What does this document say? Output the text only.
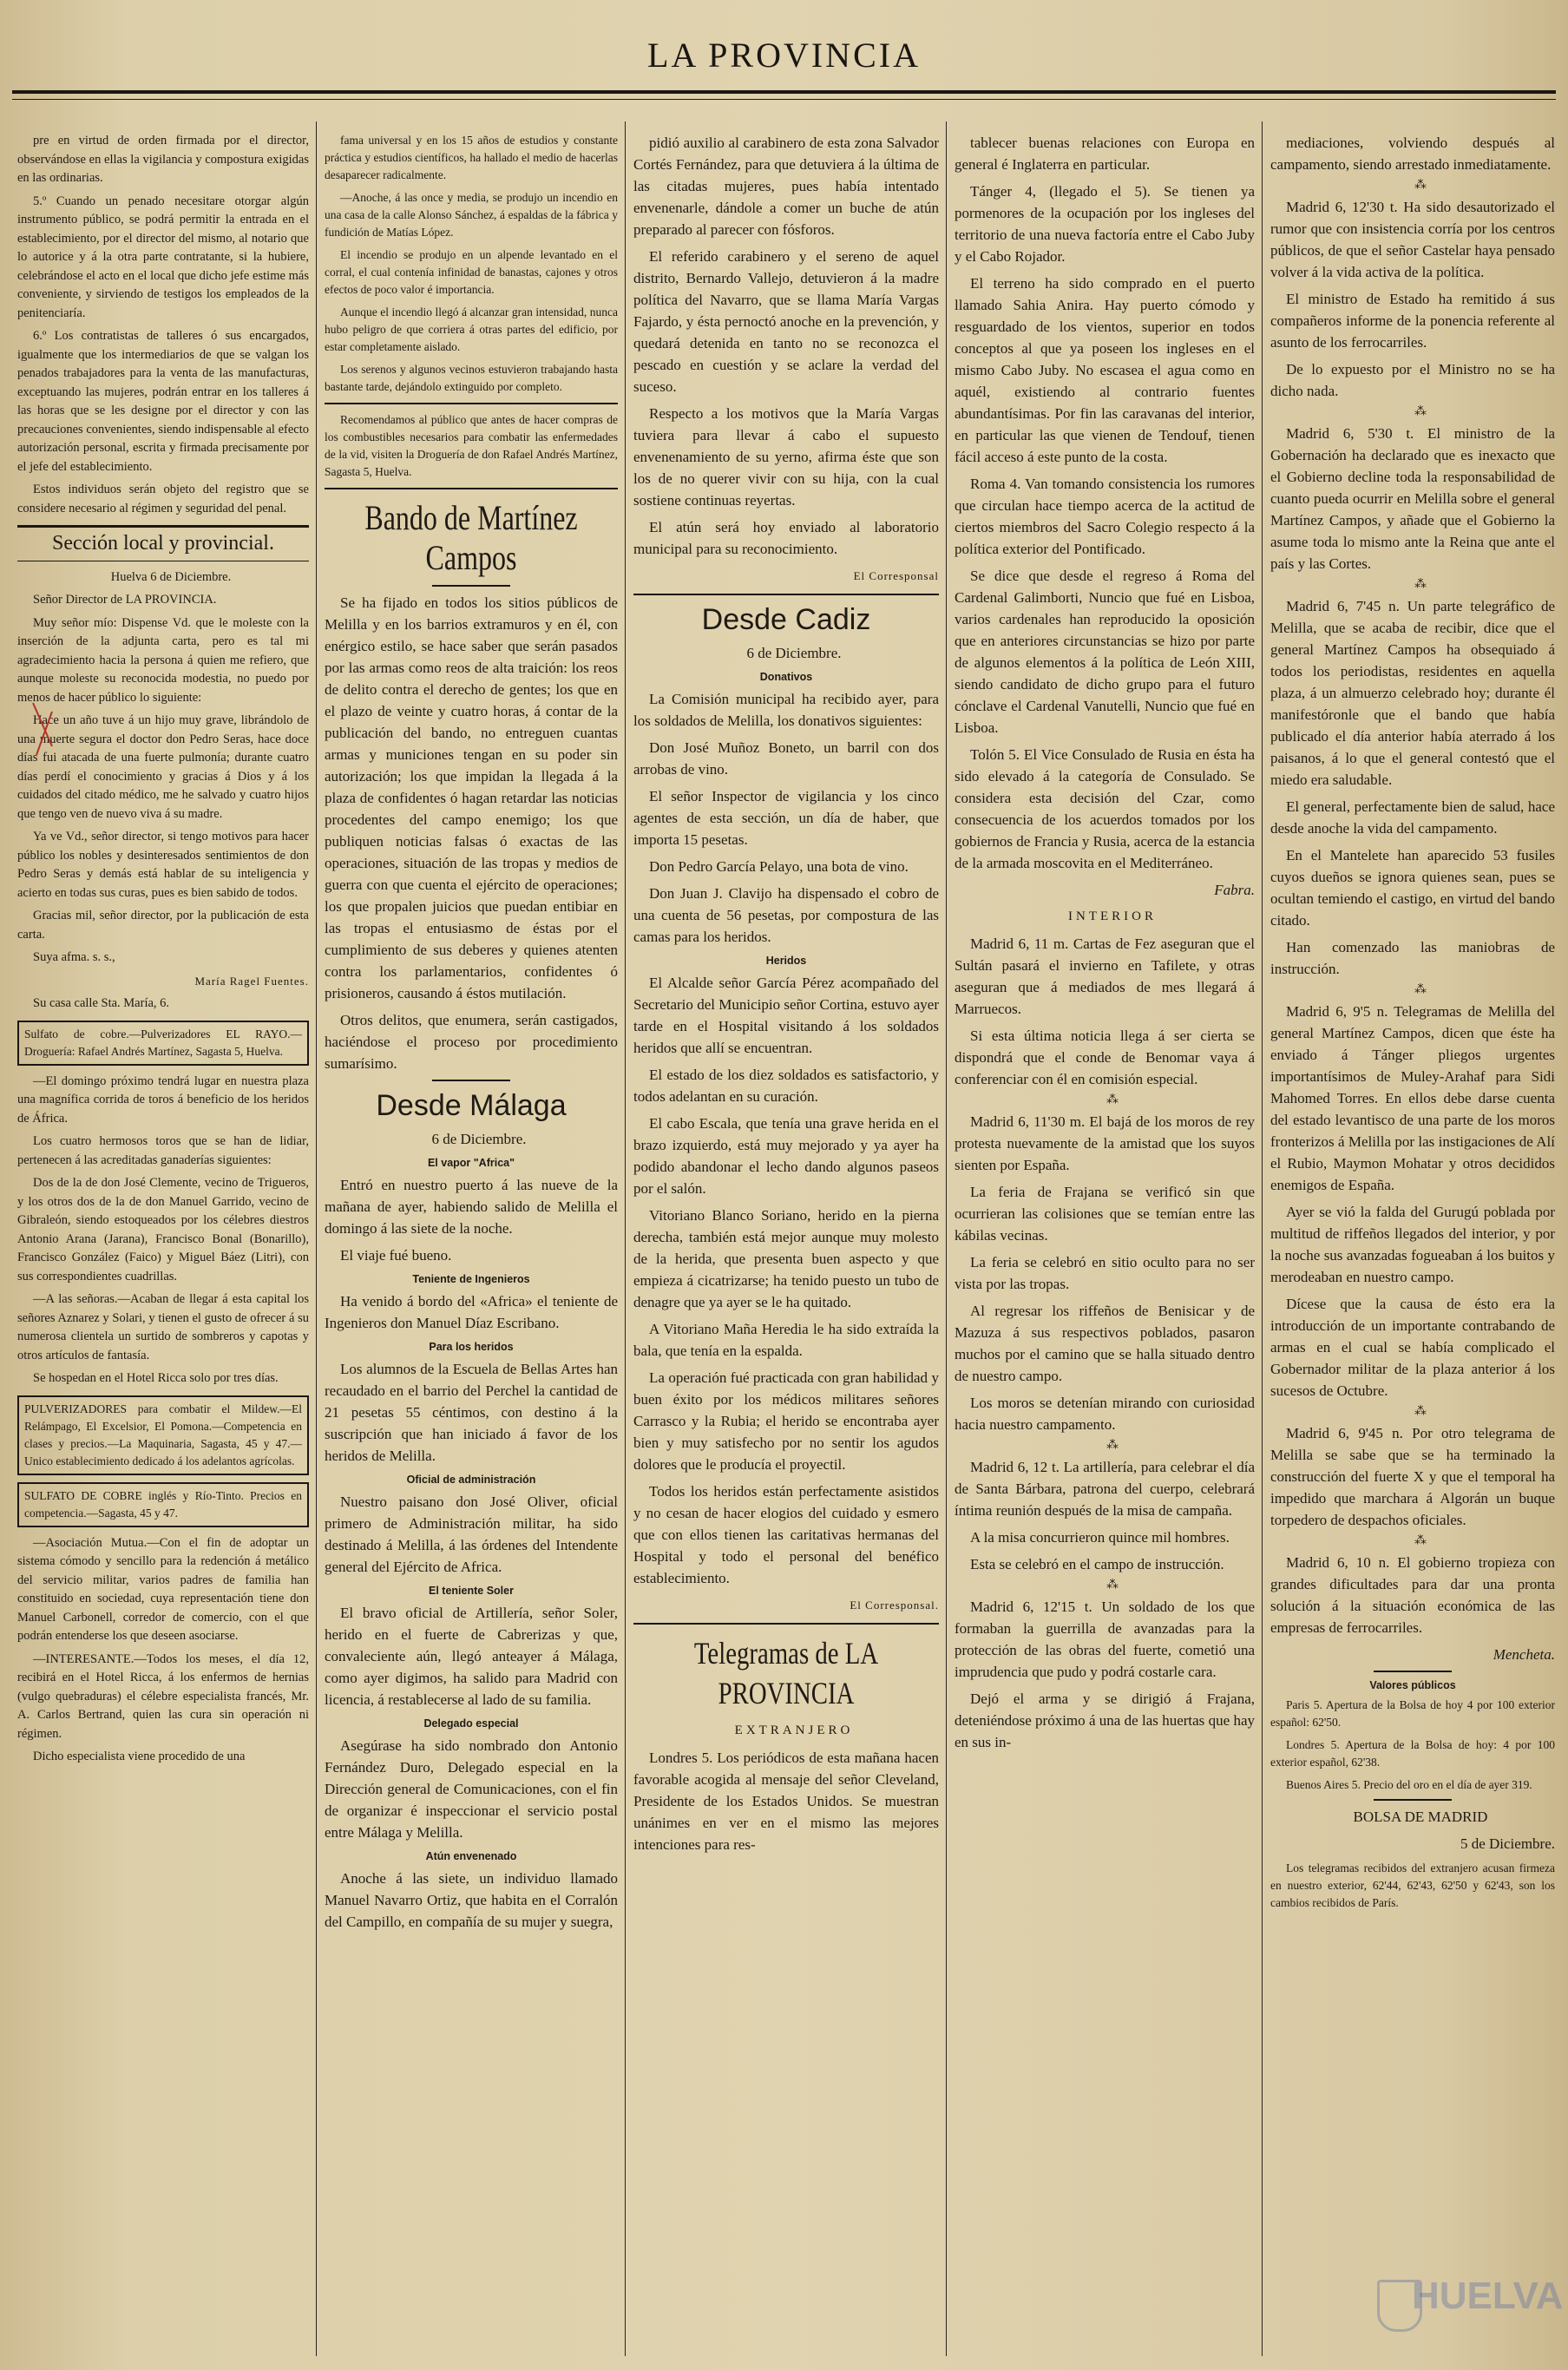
LA PROVINCIA

pre en virtud de orden firmada por el director, observándose en ellas la vigilancia y compostura exigidas en las ordinarias.

5.º Cuando un penado necesitare otorgar algún instrumento público, se podrá permitir la entrada en el establecimiento, por el director del mismo, al notario que lo autorice y á la otra parte contratante, si la hubiere, celebrándose el acto en el local que dicho jefe estime más conveniente, y sirviendo de testigos los empleados de la penitenciaría.

6.º Los contratistas de talleres ó sus encargados, igualmente que los intermediarios de que se valgan los penados trabajadores para la venta de las manufacturas, exceptuando las mujeres, podrán entrar en los talleres á las horas que se les designe por el director y con las precauciones convenientes, siendo indispensable al efecto autorización personal, escrita y firmada precisamente por el jefe del establecimiento.

Estos individuos serán objeto del registro que se considere necesario al régimen y seguridad del penal.

Sección local y provincial.

Huelva 6 de Diciembre.

Señor Director de LA PROVINCIA.

Muy señor mío: Dispense Vd. que le moleste con la inserción de la adjunta carta, pero es tal mi agradecimiento hacia la persona á quien me refiero, que aunque moleste su reconocida modestia, no puedo por menos de hacer público lo siguiente:

Hace un año tuve á un hijo muy grave, librándolo de una muerte segura el doctor don Pedro Seras, hace doce días fui atacada de una fuerte pulmonía; durante cuatro días perdí el conocimiento y gracias á Dios y á los cuidados del citado médico, me he salvado y cuatro hijos que tengo ven de nuevo viva á su madre.

Ya ve Vd., señor director, si tengo motivos para hacer público los nobles y desinteresados sentimientos de don Pedro Seras y demás está hablar de su inteligencia y acierto en todas sus curas, pues es bien sabido de todos.

Gracias mil, señor director, por la publicación de esta carta.

Suya afma. s. s.,

María Ragel Fuentes.

Su casa calle Sta. María, 6.

Sulfato de cobre.—Pulverizadores EL RAYO.—Droguería: Rafael Andrés Martínez, Sagasta 5, Huelva.

—El domingo próximo tendrá lugar en nuestra plaza una magnífica corrida de toros á beneficio de los heridos de África.

Los cuatro hermosos toros que se han de lidiar, pertenecen á las acreditadas ganaderías siguientes:

Dos de la de don José Clemente, vecino de Trigueros, y los otros dos de la de don Manuel Garrido, vecino de Gibraleón, siendo estoqueados por los célebres diestros Antonio Arana (Jarana), Francisco Bonal (Bonarillo), Francisco González (Faico) y Miguel Báez (Litri), con sus correspondientes cuadrillas.

—A las señoras.—Acaban de llegar á esta capital los señores Aznarez y Solari, y tienen el gusto de ofrecer á su numerosa clientela un surtido de sombreros y capotas y otros artículos de fantasía.

Se hospedan en el Hotel Ricca solo por tres días.

PULVERIZADORES para combatir el Mildew.—El Relámpago, El Excelsior, El Pomona.—Competencia en clases y precios.—La Maquinaria, Sagasta, 45 y 47.—Unico establecimiento dedicado á los adelantos agrícolas.
SULFATO DE COBRE inglés y Río-Tinto. Precios en competencia.—Sagasta, 45 y 47.

—Asociación Mutua.—Con el fin de adoptar un sistema cómodo y sencillo para la redención á metálico del servicio militar, varios padres de familia han constituido en sociedad, cuya representación tiene don Manuel Carbonell, corredor de comercio, con el que podrán entenderse los que deseen asociarse.

—INTERESANTE.—Todos los meses, el día 12, recibirá en el Hotel Ricca, á los enfermos de hernias (vulgo quebraduras) el célebre especialista francés, Mr. A. Carlos Bertrand, quien las cura sin operación ni régimen.

Dicho especialista viene procedido de una

fama universal y en los 15 años de estudios y constante práctica y estudios científicos, ha hallado el medio de hacerlas desaparecer radicalmente.

—Anoche, á las once y media, se produjo un incendio en una casa de la calle Alonso Sánchez, á espaldas de la fábrica y fundición de Matías López.

El incendio se produjo en un alpende levantado en el corral, el cual contenía infinidad de banastas, cajones y otros efectos de poco valor é importancia.

Aunque el incendio llegó á alcanzar gran intensidad, nunca hubo peligro de que corriera á otras partes del edificio, por estar completamente aislado.

Los serenos y algunos vecinos estuvieron trabajando hasta bastante tarde, dejándolo extinguido por completo.

Recomendamos al público que antes de hacer compras de los combustibles necesarios para combatir las enfermedades de la vid, visiten la Droguería de don Rafael Andrés Martínez, Sagasta 5, Huelva.

Bando de Martínez Campos

Se ha fijado en todos los sitios públicos de Melilla y en los barrios extramuros y en él, con enérgico estilo, se hace saber que serán pasados por las armas como reos de alta traición: los reos de delito contra el derecho de gentes; los que en el plazo de veinte y cuatro horas, á contar de la publicación del bando, no entreguen cuantas armas y municiones tengan en su poder sin autorización; los que impidan la llegada á la plaza de confidentes ó hagan retardar las noticias procedentes del campo enemigo; los que publiquen noticias falsas ó exactas de las operaciones, situación de las tropas y medios de guerra con que cuenta el ejército de operaciones; los que propalen juicios que puedan entibiar en las tropas el entusiasmo de éstas por el cumplimiento de sus deberes y quienes atenten contra los parlamentarios, confidentes ó prisioneros, causando á éstos mutilación.

Otros delitos, que enumera, serán castigados, haciéndose el proceso por procedimiento sumarísimo.

Desde Málaga

6 de Diciembre.

El vapor "Africa"

Entró en nuestro puerto á las nueve de la mañana de ayer, habiendo salido de Melilla el domingo á las siete de la noche.

El viaje fué bueno.

Teniente de Ingenieros

Ha venido á bordo del «Africa» el teniente de Ingenieros don Manuel Díaz Escribano.

Para los heridos

Los alumnos de la Escuela de Bellas Artes han recaudado en el barrio del Perchel la cantidad de 21 pesetas 55 céntimos, con destino á la suscripción que han iniciado á favor de los heridos de Melilla.

Oficial de administración

Nuestro paisano don José Oliver, oficial primero de Administración militar, ha sido destinado á Melilla, á las órdenes del Intendente general del Ejército de Africa.

El teniente Soler

El bravo oficial de Artillería, señor Soler, herido en el fuerte de Cabrerizas y que, convaleciente aún, llegó anteayer á Málaga, como ayer digimos, ha salido para Madrid con licencia, á restablecerse al lado de su familia.

Delegado especial

Asegúrase ha sido nombrado don Antonio Fernández Duro, Delegado especial en la Dirección general de Comunicaciones, con el fin de organizar é inspeccionar el servicio postal entre Málaga y Melilla.

Atún envenenado

Anoche á las siete, un individuo llamado Manuel Navarro Ortiz, que habita en el Corralón del Campillo, en compañía de su mujer y suegra,

pidió auxilio al carabinero de esta zona Salvador Cortés Fernández, para que detuviera á la última de las citadas mujeres, pues había intentado envenenarle, dándole a comer un buche de atún preparado al parecer con fósforos.

El referido carabinero y el sereno de aquel distrito, Bernardo Vallejo, detuvieron á la madre política del Navarro, que se llama María Vargas Fajardo, y ésta pernoctó anoche en la prevención, y quedará detenida en tanto no se reconozca el pescado en cuestión y se aclare la verdad del suceso.

Respecto a los motivos que la María Vargas tuviera para llevar á cabo el supuesto envenenamiento de su yerno, afirma éste que son los de no querer vivir con su hija, con la cual sostiene continuas reyertas.

El atún será hoy enviado al laboratorio municipal para su reconocimiento.

El Corresponsal

Desde Cadiz

6 de Diciembre.

Donativos

La Comisión municipal ha recibido ayer, para los soldados de Melilla, los donativos siguientes:

Don José Muñoz Boneto, un barril con dos arrobas de vino.

El señor Inspector de vigilancia y los cinco agentes de esta sección, un día de haber, que importa 15 pesetas.

Don Pedro García Pelayo, una bota de vino.

Don Juan J. Clavijo ha dispensado el cobro de una cuenta de 56 pesetas, por compostura de las camas para los heridos.

Heridos

El Alcalde señor García Pérez acompañado del Secretario del Municipio señor Cortina, estuvo ayer tarde en el Hospital visitando á los soldados heridos que allí se encuentran.

El estado de los diez soldados es satisfactorio, y todos adelantan en su curación.

El cabo Escala, que tenía una grave herida en el brazo izquierdo, está muy mejorado y ya ayer ha podido abandonar el lecho dando algunos paseos por el salón.

Vitoriano Blanco Soriano, herido en la pierna derecha, también está mejor aunque muy molesto de la herida, que presenta buen aspecto y que empieza á cicatrizarse; ha tenido puesto un tubo de denagre que ya ayer se le ha quitado.

A Vitoriano Maña Heredia le ha sido extraída la bala, que tenía en la espalda.

La operación fué practicada con gran habilidad y buen éxito por los médicos militares señores Carrasco y la Rubia; el herido se encontraba ayer bien y muy satisfecho por no sentir los agudos dolores que le producía el proyectil.

Todos los heridos están perfectamente asistidos y no cesan de hacer elogios del cuidado y esmero que con ellos tienen las caritativas hermanas del Hospital y todo el personal del benéfico establecimiento.

El Corresponsal.

Telegramas de LA PROVINCIA

EXTRANJERO

Londres 5. Los periódicos de esta mañana hacen favorable acogida al mensaje del señor Cleveland, Presidente de los Estados Unidos. Se muestran unánimes en ver en el mismo las mejores intenciones para res-

tablecer buenas relaciones con Europa en general é Inglaterra en particular.

Tánger 4, (llegado el 5). Se tienen ya pormenores de la ocupación por los ingleses del territorio de una nueva factoría entre el Cabo Juby y el Cabo Rojador.

El terreno ha sido comprado en el puerto llamado Sahia Anira. Hay puerto cómodo y resguardado de los vientos, superior en todos conceptos al que ya poseen los ingleses en el mismo Cabo Juby. No escasea el agua como en aquél, existiendo al contrario fuentes abundantísimas. Por fin las caravanas del interior, en particular las que vienen de Tendouf, tienen fácil acceso á este punto de la costa.

Roma 4. Van tomando consistencia los rumores que circulan hace tiempo acerca de la actitud de ciertos miembros del Sacro Colegio respecto á la política exterior del Pontificado.

Se dice que desde el regreso á Roma del Cardenal Galimborti, Nuncio que fué en Lisboa, varios cardenales han reproducido la oposición que en anteriores circunstancias se hizo por parte de algunos elementos á la política de León XIII, siendo candidato de dicho grupo para el futuro cónclave el Cardenal Vanutelli, Nuncio que fué en Lisboa.

Tolón 5. El Vice Consulado de Rusia en ésta ha sido elevado á la categoría de Consulado. Se considera esta decisión del Czar, como consecuencia de los acuerdos tomados por los gobiernos de Francia y Rusia, acerca de la estancia de la armada moscovita en el Mediterráneo.

Fabra.

INTERIOR

Madrid 6, 11 m. Cartas de Fez aseguran que el Sultán pasará el invierno en Tafilete, y otras aseguran que á mediados de mes llegará á Marruecos.

Si esta última noticia llega á ser cierta se dispondrá que el conde de Benomar vaya á conferenciar con él en comisión especial.

⁂

Madrid 6, 11'30 m. El bajá de los moros de rey protesta nuevamente de la amistad que los suyos sienten por España.

La feria de Frajana se verificó sin que ocurrieran las colisiones que se temían entre las kábilas vecinas.

La feria se celebró en sitio oculto para no ser vista por las tropas.

Al regresar los riffeños de Benisicar y de Mazuza á sus respectivos poblados, pasaron muchos por el camino que se halla situado dentro de nuestro campo.

Los moros se detenían mirando con curiosidad hacia nuestro campamento.

⁂

Madrid 6, 12 t. La artillería, para celebrar el día de Santa Bárbara, patrona del cuerpo, celebrará íntima reunión después de la misa de campaña.

A la misa concurrieron quince mil hombres.

Esta se celebró en el campo de instrucción.

⁂

Madrid 6, 12'15 t. Un soldado de los que formaban la guerrilla de avanzadas para la protección de las obras del fuerte, cometió una imprudencia que pudo y podrá costarle cara.

Dejó el arma y se dirigió á Frajana, deteniéndose próximo á una de las huertas que hay en sus in-

mediaciones, volviendo después al campamento, siendo arrestado inmediatamente.

⁂

Madrid 6, 12'30 t. Ha sido desautorizado el rumor que con insistencia corría por los centros públicos, de que el señor Castelar haya pensado volver á la vida activa de la política.

El ministro de Estado ha remitido á sus compañeros informe de la ponencia referente al asunto de los ferrocarriles.

De lo expuesto por el Ministro no se ha dicho nada.

⁂

Madrid 6, 5'30 t. El ministro de la Gobernación ha declarado que es inexacto que el Gobierno decline toda la responsabilidad de cuanto pueda ocurrir en Melilla sobre el general Martínez Campos, y añade que el Gobierno la asume toda lo mismo ante la Reina que ante el país y las Cortes.

⁂

Madrid 6, 7'45 n. Un parte telegráfico de Melilla, que se acaba de recibir, dice que el general Martínez Campos ha obsequiado á todos los periodistas, residentes en aquella plaza, á un almuerzo celebrado hoy; durante él manifestóronle que el bando que había publicado el día anterior había aterrado á los paisanos, á lo que el general contestó que el miedo era saludable.

El general, perfectamente bien de salud, hace desde anoche la vida del campamento.

En el Mantelete han aparecido 53 fusiles cuyos dueños se ignora quienes sean, pues se ocultan temiendo el castigo, en virtud del bando citado.

Han comenzado las maniobras de instrucción.

⁂

Madrid 6, 9'5 n. Telegramas de Melilla del general Martínez Campos, dicen que éste ha enviado á Tánger pliegos urgentes importantísimos de Muley-Arahaf para Sidi Mahomed Torres. En ellos debe darse cuenta del estado levantisco de una parte de los moros fronterizos á Melilla por las instigaciones de Alí el Rubio, Maymon Mohatar y otros decididos enemigos de España.

Ayer se vió la falda del Gurugú poblada por multitud de riffeños llegados del interior, y por la noche sus avanzadas fogueaban á los buitos y merodeaban en nuestro campo.

Dícese que la causa de ésto era la introducción de un importante contrabando de armas en el cual se había complicado el Gobernador militar de la plaza anterior á los sucesos de Octubre.

⁂

Madrid 6, 9'45 n. Por otro telegrama de Melilla se sabe que se ha terminado la construcción del fuerte X y que el temporal ha impedido que marchara á Algorán un buque torpedero de despachos oficiales.

⁂

Madrid 6, 10 n. El gobierno tropieza con grandes dificultades para dar una pronta solución á la situación económica de las empresas de ferrocarriles.

Mencheta.

Valores públicos

Paris 5. Apertura de la Bolsa de hoy 4 por 100 exterior español: 62'50.

Londres 5. Apertura de la Bolsa de hoy: 4 por 100 exterior español, 62'38.

Buenos Aires 5. Precio del oro en el día de ayer 319.

BOLSA DE MADRID

5 de Diciembre.

Los telegramas recibidos del extranjero acusan firmeza en nuestro exterior, 62'44, 62'43, 62'50 y 62'43, son los cambios recibidos de París.

HUELVA
